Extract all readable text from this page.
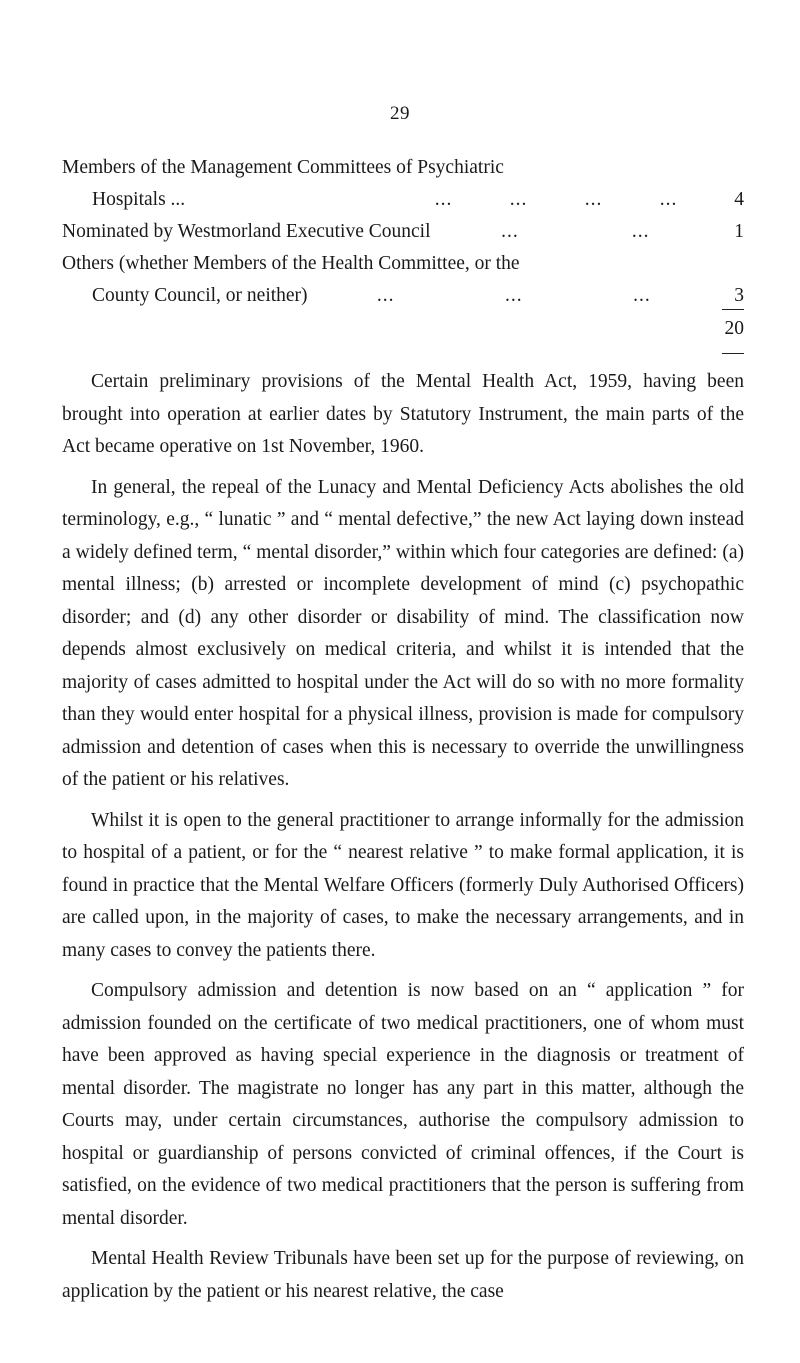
29
Members of the Management Committees of Psychiatric
Hospitals ...	...	...	...	...	4
Nominated by Westmorland Executive Council	...	...	1
Others (whether Members of the Health Committee, or the
County Council, or neither)	...	...	...	3
20

Certain preliminary provisions of the Mental Health Act, 1959, having been brought into operation at earlier dates by Statutory Instrument, the main parts of the Act became operative on 1st November, 1960.

In general, the repeal of the Lunacy and Mental Deficiency Acts abolishes the old terminology, e.g., “ lunatic ” and “ mental defective,” the new Act laying down instead a widely defined term, “ mental disorder,” within which four categories are defined: (a) mental illness; (b) arrested or incomplete development of mind (c) psychopathic disorder; and (d) any other disorder or disability of mind. The classification now depends almost exclusively on medical criteria, and whilst it is intended that the majority of cases admitted to hospital under the Act will do so with no more formality than they would enter hospital for a physical illness, provision is made for compulsory admission and detention of cases when this is necessary to override the unwillingness of the patient or his relatives.

Whilst it is open to the general practitioner to arrange informally for the admission to hospital of a patient, or for the “ nearest relative ” to make formal application, it is found in practice that the Mental Welfare Officers (formerly Duly Authorised Officers) are called upon, in the majority of cases, to make the necessary arrangements, and in many cases to convey the patients there.

Compulsory admission and detention is now based on an “ application ” for admission founded on the certificate of two medical practitioners, one of whom must have been approved as having special experience in the diagnosis or treatment of mental disorder. The magistrate no longer has any part in this matter, although the Courts may, under certain circumstances, authorise the compulsory admission to hospital or guardianship of persons convicted of criminal offences, if the Court is satisfied, on the evidence of two medical practitioners that the person is suffering from mental disorder.

Mental Health Review Tribunals have been set up for the purpose of reviewing, on application by the patient or his nearest relative, the case
